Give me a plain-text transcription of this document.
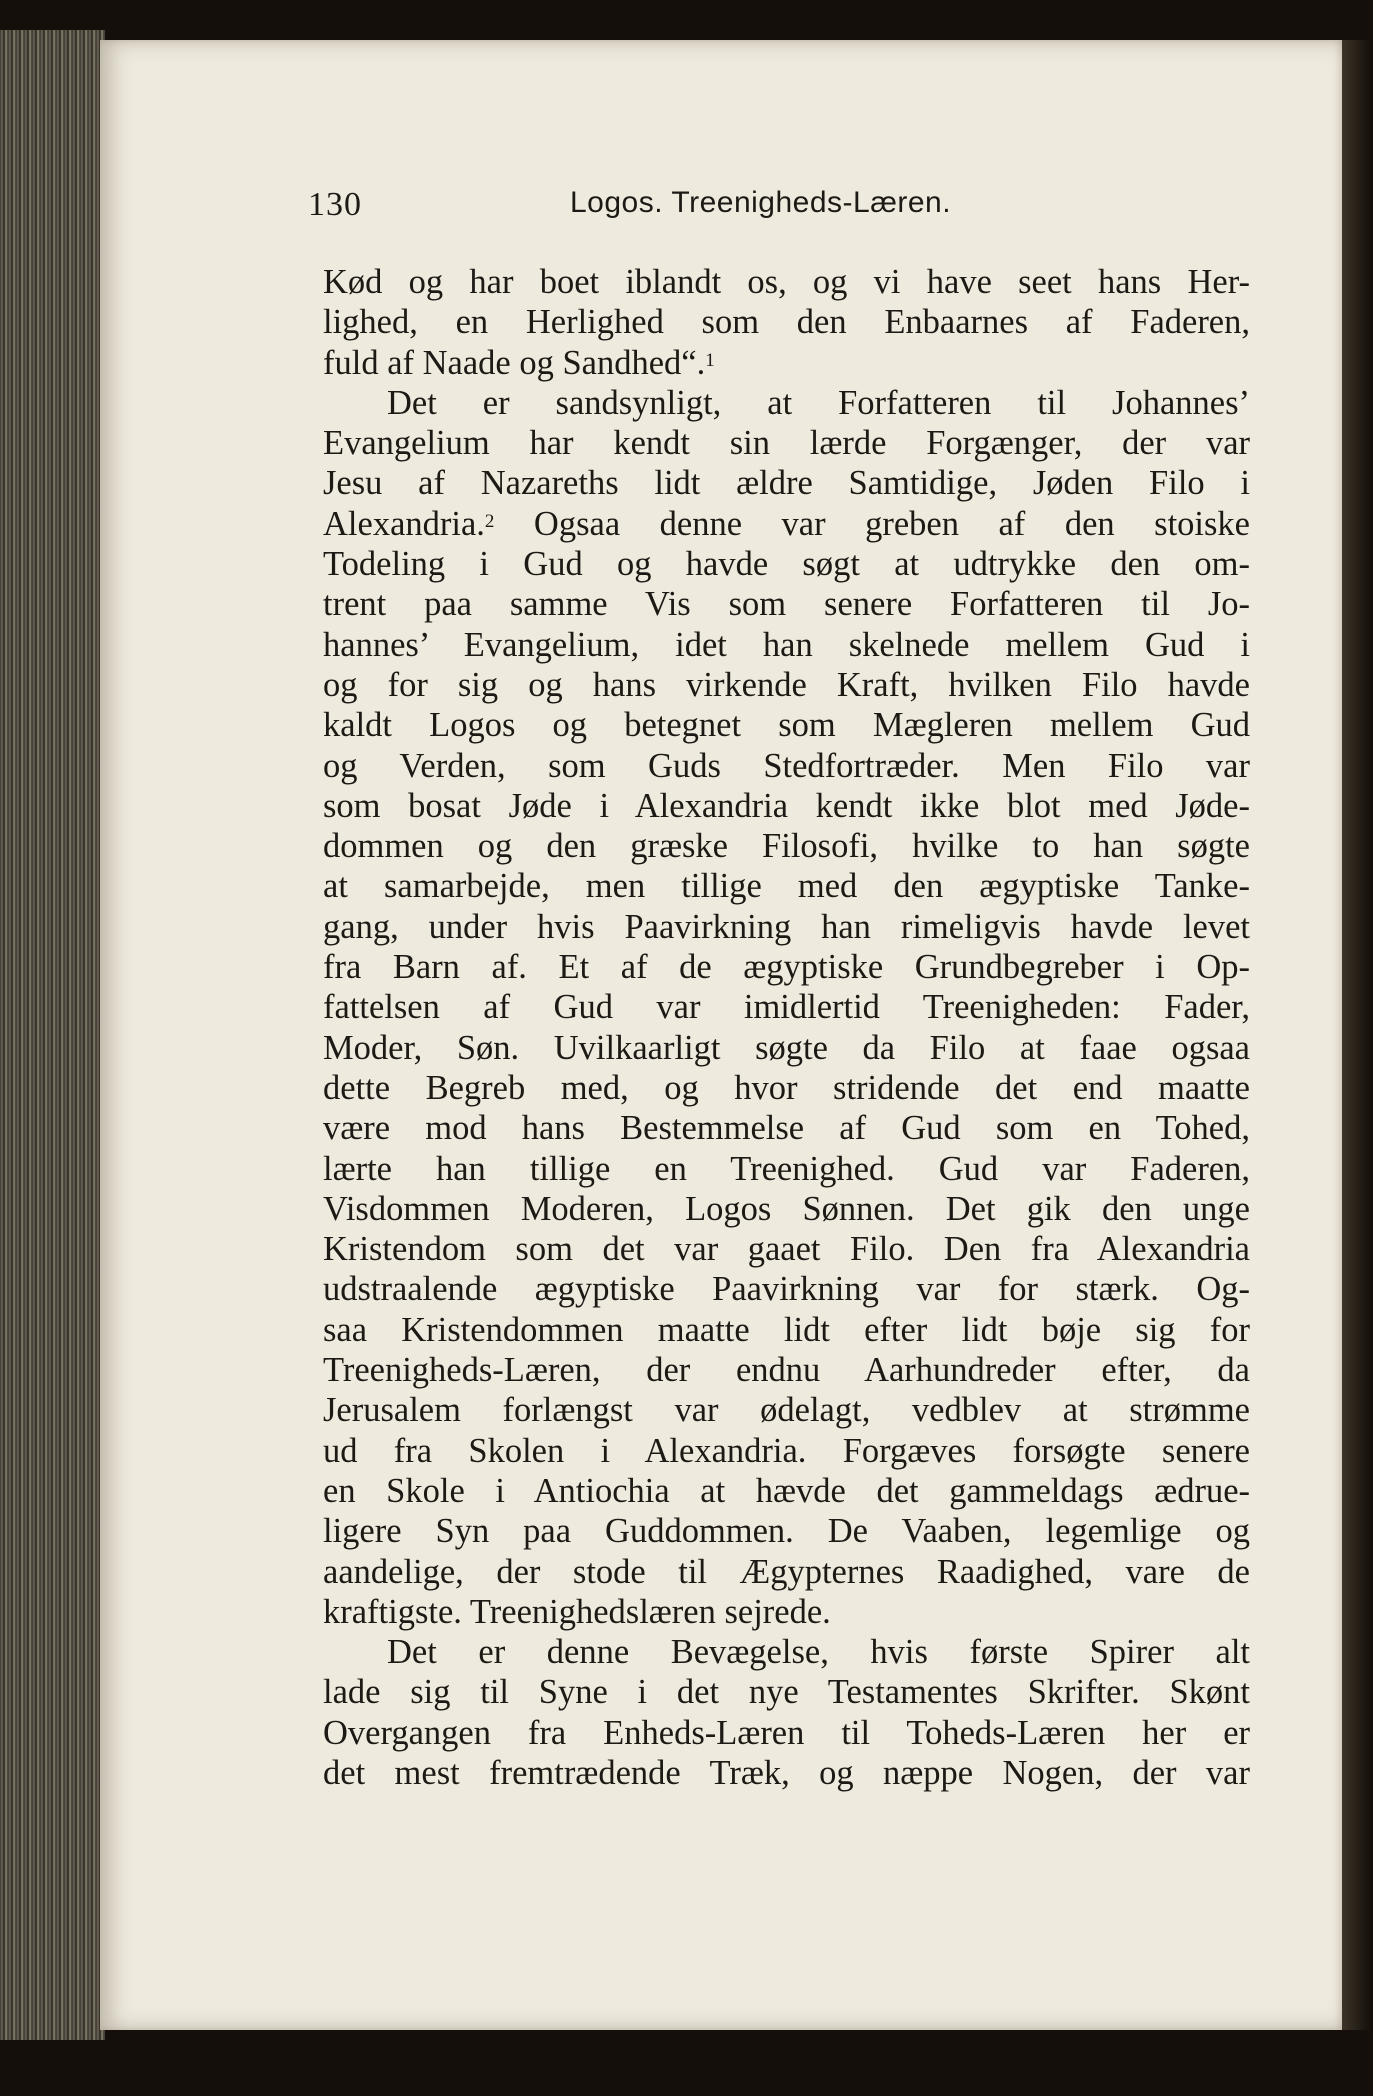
130	Logos. Treenigheds-Læren.
Kød og har boet iblandt os, og vi have seet hans Her-
lighed, en Herlighed som den Enbaarnes af Faderen,
fuld af Naade og Sandhed“.$^1$
Det er sandsynligt, at Forfatteren til Johannes’
Evangelium har kendt sin lærde Forgænger, der var
Jesu af Nazareths lidt ældre Samtidige, Jøden Filo i
Alexandria.$^2$ Ogsaa denne var greben af den stoiske
Todeling i Gud og havde søgt at udtrykke den om-
trent paa samme Vis som senere Forfatteren til Jo-
hannes’ Evangelium, idet han skelnede mellem Gud i
og for sig og hans virkende Kraft, hvilken Filo havde
kaldt Logos og betegnet som Mægleren mellem Gud
og Verden, som Guds Stedfortræder. Men Filo var
som bosat Jøde i Alexandria kendt ikke blot med Jøde-
dommen og den græske Filosofi, hvilke to han søgte
at samarbejde, men tillige med den ægyptiske Tanke-
gang, under hvis Paavirkning han rimeligvis havde levet
fra Barn af. Et af de ægyptiske Grundbegreber i Op-
fattelsen af Gud var imidlertid Treenigheden: Fader,
Moder, Søn. Uvilkaarligt søgte da Filo at faae ogsaa
dette Begreb med, og hvor stridende det end maatte
være mod hans Bestemmelse af Gud som en Tohed,
lærte han tillige en Treenighed. Gud var Faderen,
Visdommen Moderen, Logos Sønnen. Det gik den unge
Kristendom som det var gaaet Filo. Den fra Alexandria
udstraalende ægyptiske Paavirkning var for stærk. Og-
saa Kristendommen maatte lidt efter lidt bøje sig for
Treenigheds-Læren, der endnu Aarhundreder efter, da
Jerusalem forlængst var ødelagt, vedblev at strømme
ud fra Skolen i Alexandria. Forgæves forsøgte senere
en Skole i Antiochia at hævde det gammeldags ædrue-
ligere Syn paa Guddommen. De Vaaben, legemlige og
aandelige, der stode til Ægypternes Raadighed, vare de
kraftigste. Treenighedslæren sejrede.
Det er denne Bevægelse, hvis første Spirer alt
lade sig til Syne i det nye Testamentes Skrifter. Skønt
Overgangen fra Enheds-Læren til Toheds-Læren her er
det mest fremtrædende Træk, og næppe Nogen, der var
